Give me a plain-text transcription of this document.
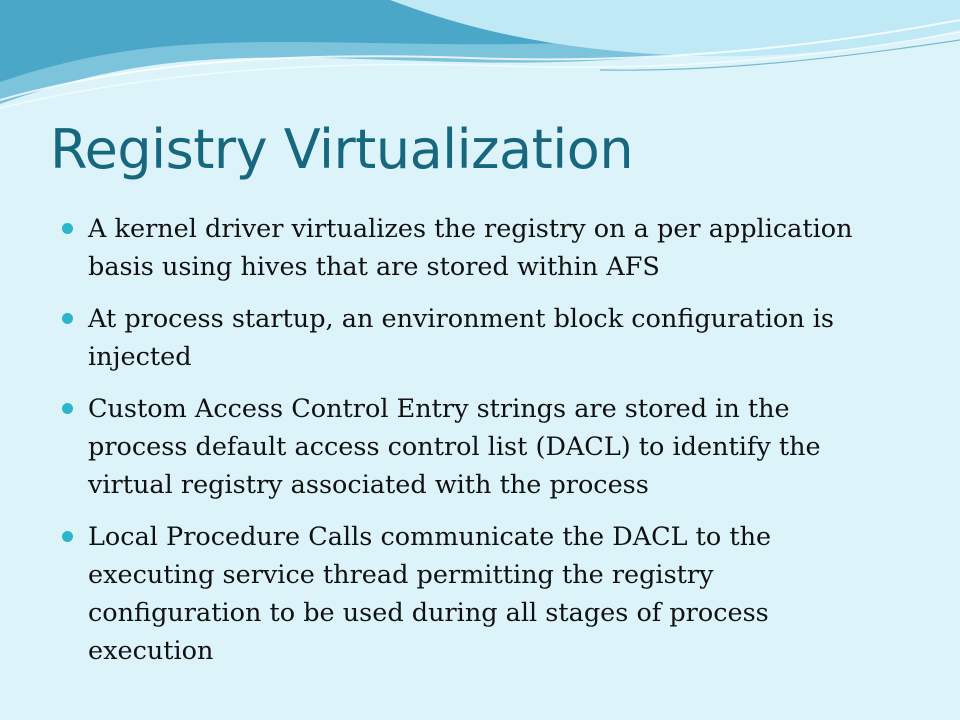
Registry Virtualization
A kernel driver virtualizes the registry on a per application basis using hives that are stored within AFS
At process startup, an environment block configuration is injected
Custom Access Control Entry strings are stored in the process default access control list (DACL) to identify the virtual registry associated with the process
Local Procedure Calls communicate the DACL to the executing service thread permitting the registry configuration to be used during all stages of process execution
